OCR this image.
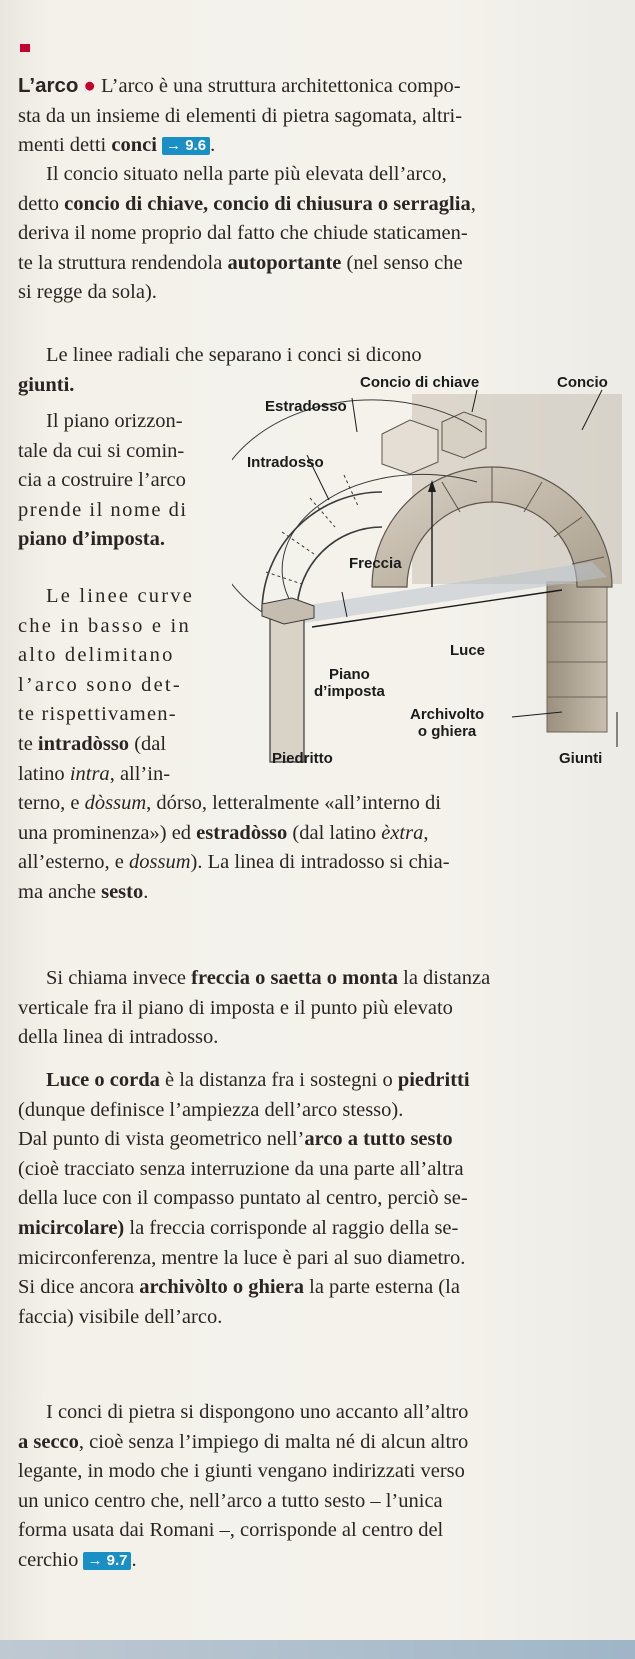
L’arco ● L’arco è una struttura architettonica compo-
sta da un insieme di elementi di pietra sagomata, altri-
menti detti conci → 9.6 .
Il concio situato nella parte più elevata dell’arco,
detto concio di chiave, concio di chiusura o serraglia,
deriva il nome proprio dal fatto che chiude staticamen-
te la struttura rendendola autoportante (nel senso che
si regge da sola).
Le linee radiali che separano i conci si dicono
giunti.
Il piano orizzon-
tale da cui si comin-
cia a costruire l’arco
prende il nome di
piano d’imposta.
Le linee curve
che in basso e in
alto delimitano
l’arco sono det-
te rispettivamen-
te intradòsso (dal
latino intra, all’in-
terno, e dòssum, dórso, letteralmente «all’interno di
una prominenza») ed estradòsso (dal latino èxtra,
all’esterno, e dossum). La linea di intradosso si chia-
ma anche sesto.
Si chiama invece freccia o saetta o monta la distanza
verticale fra il piano di imposta e il punto più elevato
della linea di intradosso.
Luce o corda è la distanza fra i sostegni o piedritti
(dunque definisce l’ampiezza dell’arco stesso).
Dal punto di vista geometrico nell’arco a tutto sesto
(cioè tracciato senza interruzione da una parte all’altra
della luce con il compasso puntato al centro, perciò se-
micircolare) la freccia corrisponde al raggio della se-
micirconferenza, mentre la luce è pari al suo diametro.
Si dice ancora archivòlto o ghiera la parte esterna (la
faccia) visibile dell’arco.
I conci di pietra si dispongono uno accanto all’altro
a secco, cioè senza l’impiego di malta né di alcun altro
legante, in modo che i giunti vengano indirizzati verso
un unico centro che, nell’arco a tutto sesto – l’unica
forma usata dai Romani –, corrisponde al centro del
cerchio → 9.7 .
Concio di chiave	Concio
Estradosso
Intradosso
Freccia
Luce
Piano
d’imposta
Archivolto
o ghiera
Piedritto	Giunti
